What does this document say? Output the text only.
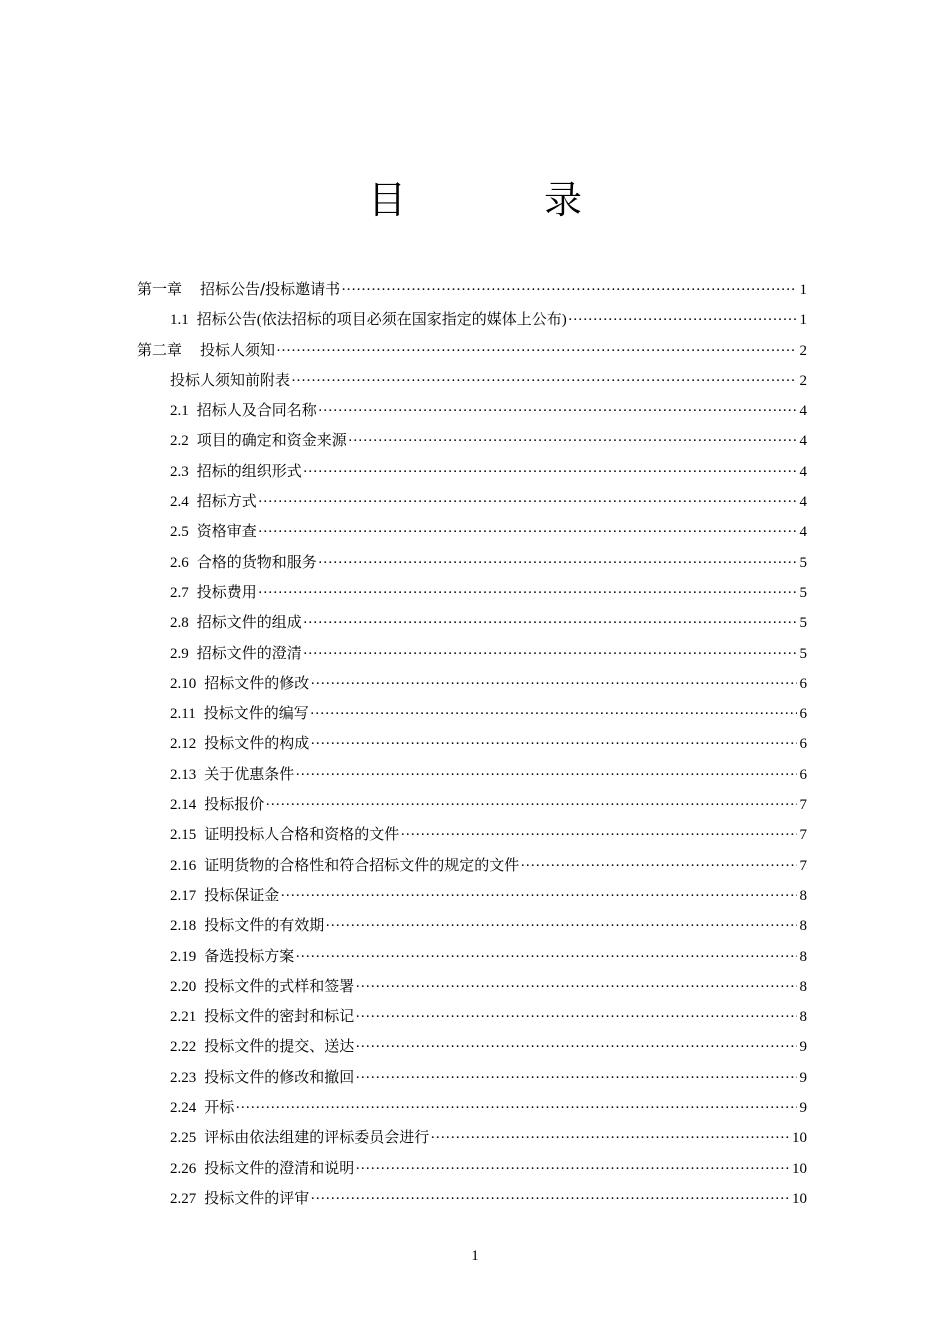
目　录
第一章 招标公告/投标邀请书 ·····	1
1.1 招标公告(依法招标的项目必须在国家指定的媒体上公布) ·····	1
第二章 投标人须知 ·····	2
投标人须知前附表 ·····	2
2.1 招标人及合同名称 ·····	4
2.2 项目的确定和资金来源 ·····	4
2.3 招标的组织形式 ·····	4
2.4 招标方式 ·····	4
2.5 资格审查 ·····	4
2.6 合格的货物和服务 ·····	5
2.7 投标费用 ·····	5
2.8 招标文件的组成 ·····	5
2.9 招标文件的澄清 ·····	5
2.10 招标文件的修改 ·····	6
2.11 投标文件的编写 ·····	6
2.12 投标文件的构成 ·····	6
2.13 关于优惠条件 ·····	6
2.14 投标报价 ·····	7
2.15 证明投标人合格和资格的文件 ·····	7
2.16 证明货物的合格性和符合招标文件的规定的文件 ·····	7
2.17 投标保证金 ·····	8
2.18 投标文件的有效期 ·····	8
2.19 备选投标方案 ·····	8
2.20 投标文件的式样和签署 ·····	8
2.21 投标文件的密封和标记 ·····	8
2.22 投标文件的提交、送达 ·····	9
2.23 投标文件的修改和撤回 ·····	9
2.24 开标 ·····	9
2.25 评标由依法组建的评标委员会进行 ·····	10
2.26 投标文件的澄清和说明 ·····	10
2.27 投标文件的评审 ·····	10
1
